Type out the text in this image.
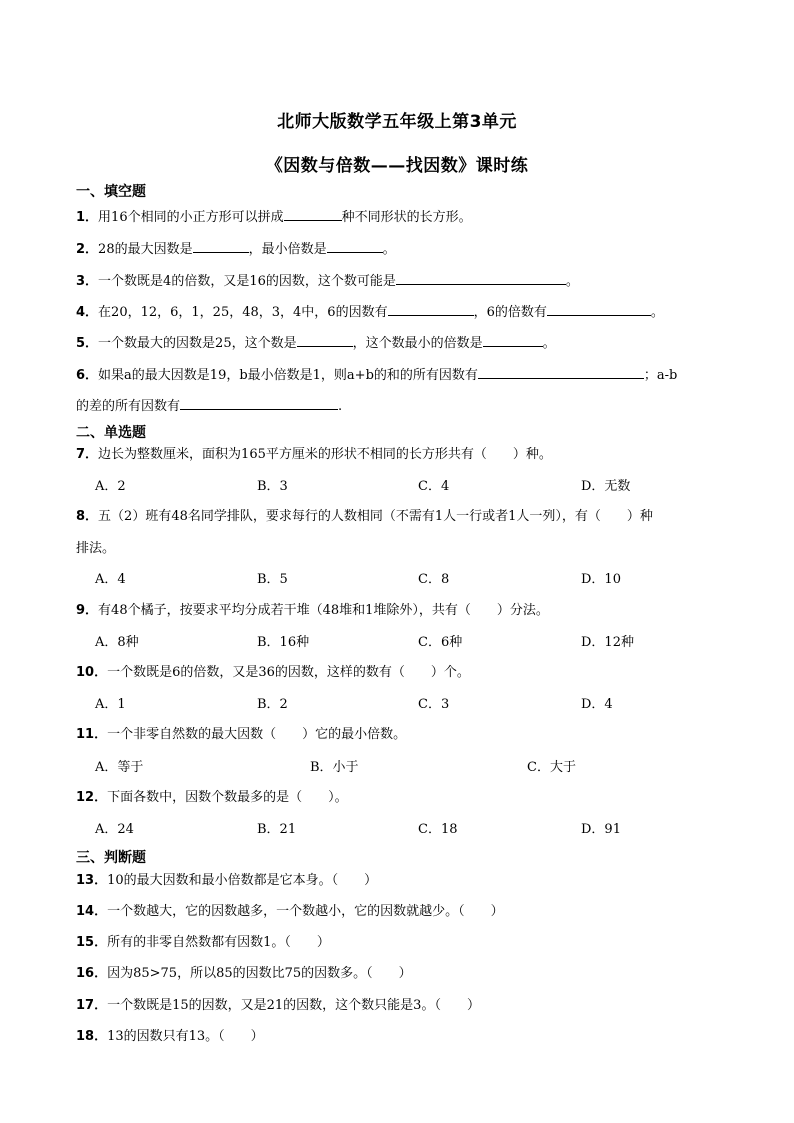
北师大版数学五年级上第3单元
《因数与倍数——找因数》课时练
一、填空题
1．用16个相同的小正方形可以拼成	种不同形状的长方形。
2．28的最大因数是	，最小倍数是	。
3．一个数既是4的倍数，又是16的因数，这个数可能是	。
4．在20，12，6，1，25，48，3，4中，6的因数有	，6的倍数有	。
5．一个数最大的因数是25，这个数是	，这个数最小的倍数是	。
6．如果a的最大因数是19，b最小倍数是1，则a+b的和的所有因数有	；a-b
的差的所有因数有	.
二、单选题
7．边长为整数厘米，面积为165平方厘米的形状不相同的长方形共有（　　）种。
A．2	B．3	C．4	D．无数
8．五（2）班有48名同学排队，要求每行的人数相同（不需有1人一行或者1人一列），有（　　）种
排法。
A．4	B．5	C．8	D．10
9．有48个橘子，按要求平均分成若干堆（48堆和1堆除外），共有（　　）分法。
A．8种	B．16种	C．6种	D．12种
10．一个数既是6的倍数，又是36的因数，这样的数有（　　）个。
A．1	B．2	C．3	D．4
11．一个非零自然数的最大因数（　　）它的最小倍数。
A．等于	B．小于	C．大于
12．下面各数中，因数个数最多的是（　　）。
A．24	B．21	C．18	D．91
三、判断题
13．10的最大因数和最小倍数都是它本身。（　　）
14．一个数越大，它的因数越多，一个数越小，它的因数就越少。（　　）
15．所有的非零自然数都有因数1。（　　）
16．因为85>75，所以85的因数比75的因数多。（　　）
17．一个数既是15的因数，又是21的因数，这个数只能是3。（　　）
18．13的因数只有13。（　　）
